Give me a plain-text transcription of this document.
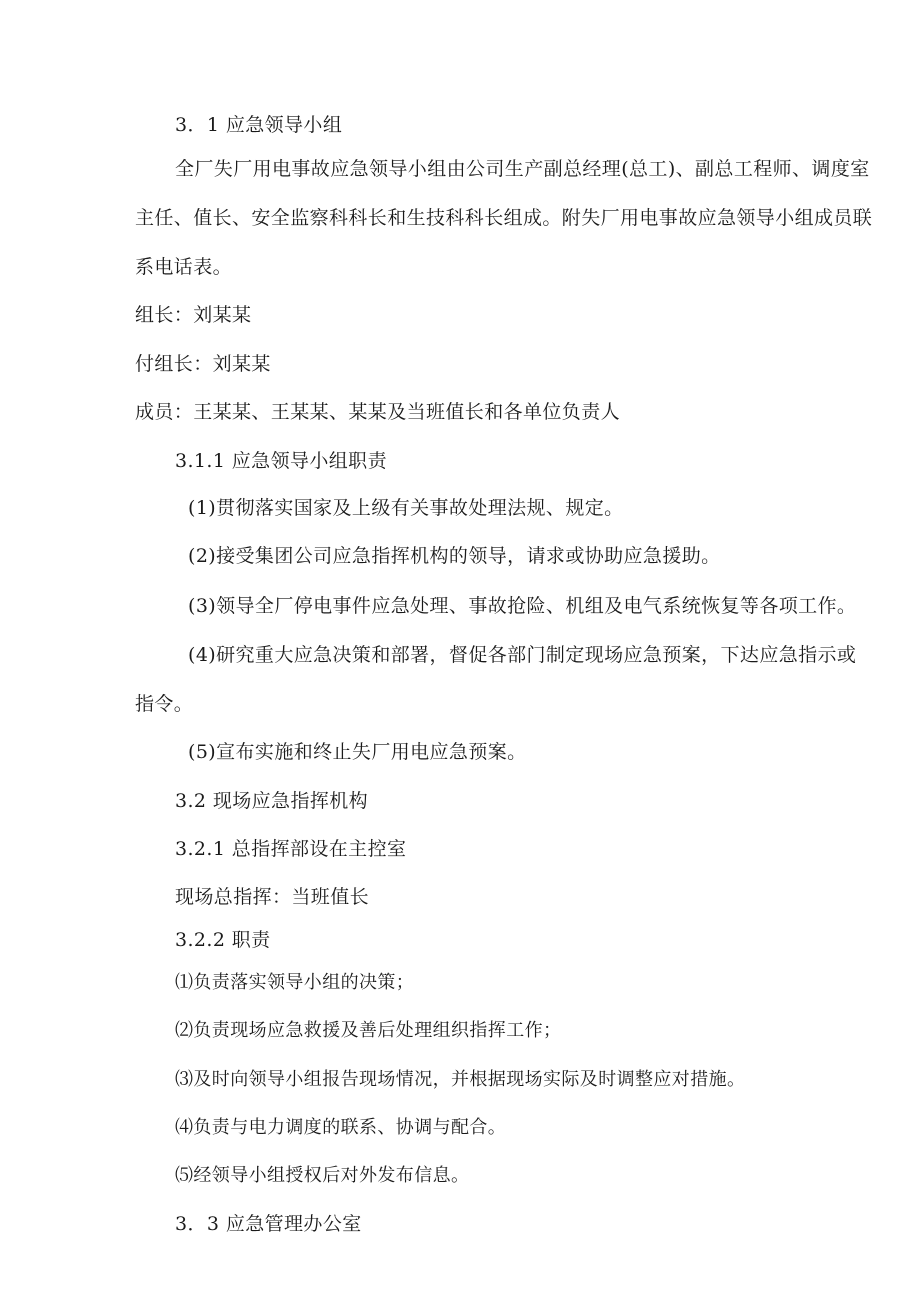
3．1 应急领导小组
全厂失厂用电事故应急领导小组由公司生产副总经理(总工)、副总工程师、调度室
主任、值长、安全监察科科长和生技科科长组成。附失厂用电事故应急领导小组成员联
系电话表。
组长：刘某某
付组长：刘某某
成员：王某某、王某某、某某及当班值长和各单位负责人
3.1.1 应急领导小组职责
(1)贯彻落实国家及上级有关事故处理法规、规定。
(2)接受集团公司应急指挥机构的领导，请求或协助应急援助。
(3)领导全厂停电事件应急处理、事故抢险、机组及电气系统恢复等各项工作。
(4)研究重大应急决策和部署，督促各部门制定现场应急预案，下达应急指示或
指令。
(5)宣布实施和终止失厂用电应急预案。
3.2 现场应急指挥机构
3.2.1 总指挥部设在主控室
现场总指挥：当班值长
3.2.2 职责
⑴负责落实领导小组的决策；
⑵负责现场应急救援及善后处理组织指挥工作；
⑶及时向领导小组报告现场情况，并根据现场实际及时调整应对措施。
⑷负责与电力调度的联系、协调与配合。
⑸经领导小组授权后对外发布信息。
3．3 应急管理办公室
